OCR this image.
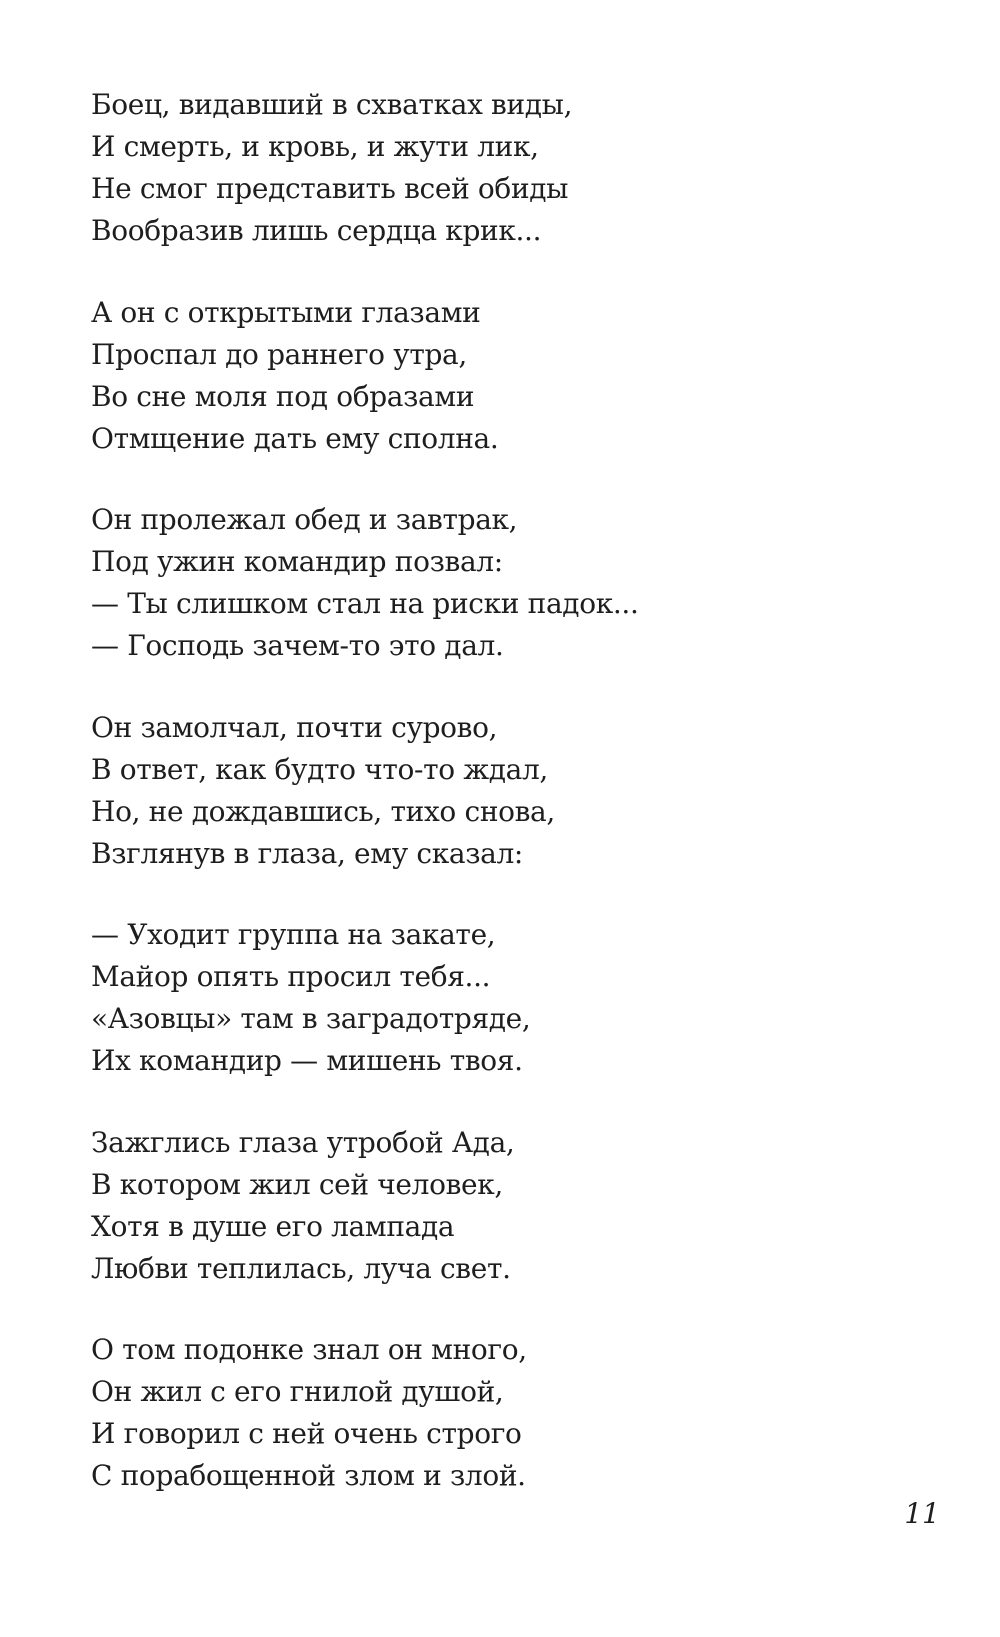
Боец, видавший в схватках виды,
И смерть, и кровь, и жути лик,
Не смог представить всей обиды
Вообразив лишь сердца крик...
А он с открытыми глазами
Проспал до раннего утра,
Во сне моля под образами
Отмщение дать ему сполна.
Он пролежал обед и завтрак,
Под ужин командир позвал:
— Ты слишком стал на риски падок...
— Господь зачем-то это дал.
Он замолчал, почти сурово,
В ответ, как будто что-то ждал,
Но, не дождавшись, тихо снова,
Взглянув в глаза, ему сказал:
— Уходит группа на закате,
Майор опять просил тебя...
«Азовцы» там в заградотряде,
Их командир — мишень твоя.
Зажглись глаза утробой Ада,
В котором жил сей человек,
Хотя в душе его лампада
Любви теплилась, луча свет.
О том подонке знал он много,
Он жил с его гнилой душой,
И говорил с ней очень строго
С порабощенной злом и злой.
11
